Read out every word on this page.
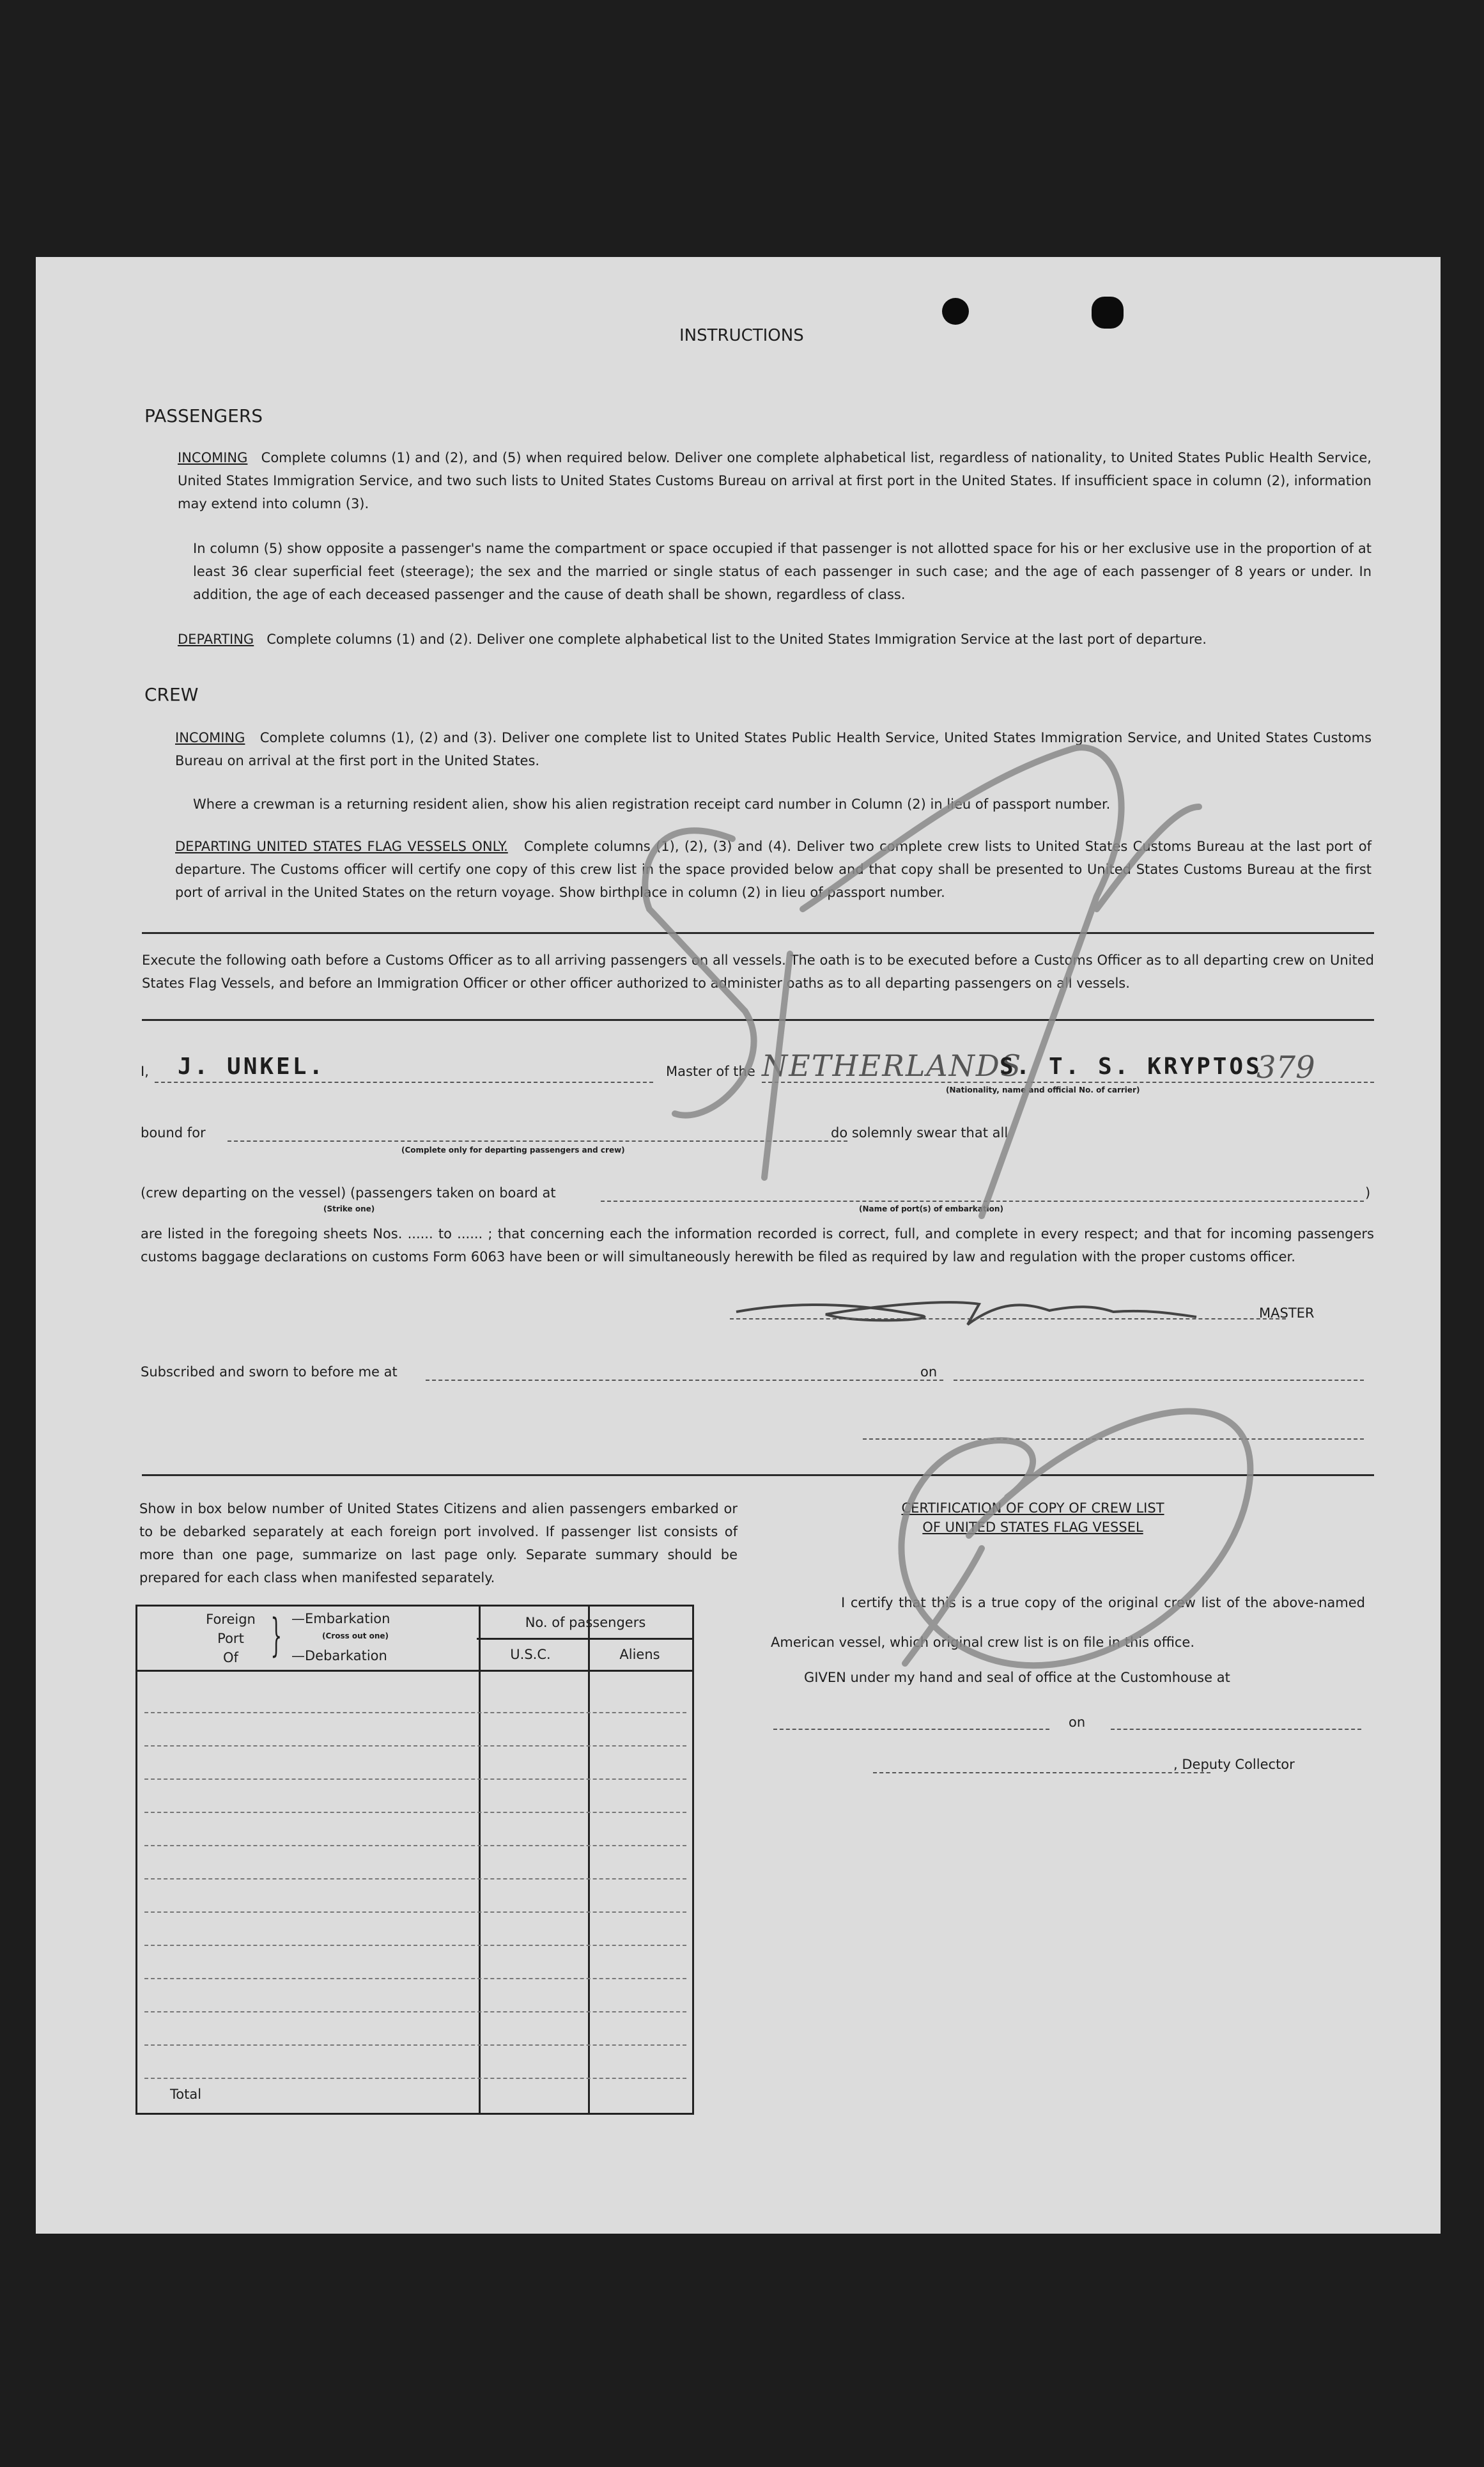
INSTRUCTIONS
PASSENGERS
INCOMING Complete columns (1) and (2), and (5) when required below. Deliver one complete alphabetical list, regardless of nationality, to United States Public Health Service, United States Immigration Service, and two such lists to United States Customs Bureau on arrival at first port in the United States. If insufficient space in column (2), information may extend into column (3).
In column (5) show opposite a passenger's name the compartment or space occupied if that passenger is not allotted space for his or her exclusive use in the proportion of at least 36 clear superficial feet (steerage); the sex and the married or single status of each passenger in such case; and the age of each passenger of 8 years or under. In addition, the age of each deceased passenger and the cause of death shall be shown, regardless of class.
DEPARTING Complete columns (1) and (2). Deliver one complete alphabetical list to the United States Immigration Service at the last port of departure.
CREW
INCOMING Complete columns (1), (2) and (3). Deliver one complete list to United States Public Health Service, United States Immigration Service, and United States Customs Bureau on arrival at the first port in the United States.
Where a crewman is a returning resident alien, show his alien registration receipt card number in Column (2) in lieu of passport number.
DEPARTING UNITED STATES FLAG VESSELS ONLY. Complete columns (1), (2), (3) and (4). Deliver two complete crew lists to United States Customs Bureau at the last port of departure. The Customs officer will certify one copy of this crew list in the space provided below and that copy shall be presented to United States Customs Bureau at the first port of arrival in the United States on the return voyage. Show birthplace in column (2) in lieu of passport number.
Execute the following oath before a Customs Officer as to all arriving passengers on all vessels. The oath is to be executed before a Customs Officer as to all departing crew on United States Flag Vessels, and before an Immigration Officer or other officer authorized to administer oaths as to all departing passengers on all vessels.
I, J. UNKEL.	Master of the NETHERLANDS
S. T. S. KRYPTOS
379
(Nationality, name and official No. of carrier)
bound for
(Complete only for departing passengers and crew)
do solemnly swear that all
(crew departing on the vessel) (passengers taken on board at	)
(Strike one)	(Name of port(s) of embarkation)
are listed in the foregoing sheets Nos. ...... to ...... ; that concerning each the information recorded is correct, full, and complete in every respect; and that for incoming passengers customs baggage declarations on customs Form 6063 have been or will simultaneously herewith be filed as required by law and regulation with the proper customs officer.
MASTER
Subscribed and sworn to before me at	on
Show in box below number of United States Citizens and alien passengers embarked or to be debarked separately at each foreign port involved. If passenger list consists of more than one page, summarize on last page only. Separate summary should be prepared for each class when manifested separately.

Foreign
Port
Of } —Embarkation
(Cross out one)
—Debarkation
No. of passengers
U.S.C.	Aliens
Total
CERTIFICATION OF COPY OF CREW LIST
OF UNITED STATES FLAG VESSEL
I certify that this is a true copy of the original crew list of the above-named American vessel, which original crew list is on file in this office.
GIVEN under my hand and seal of office at the Customhouse at
on
, Deputy Collector
